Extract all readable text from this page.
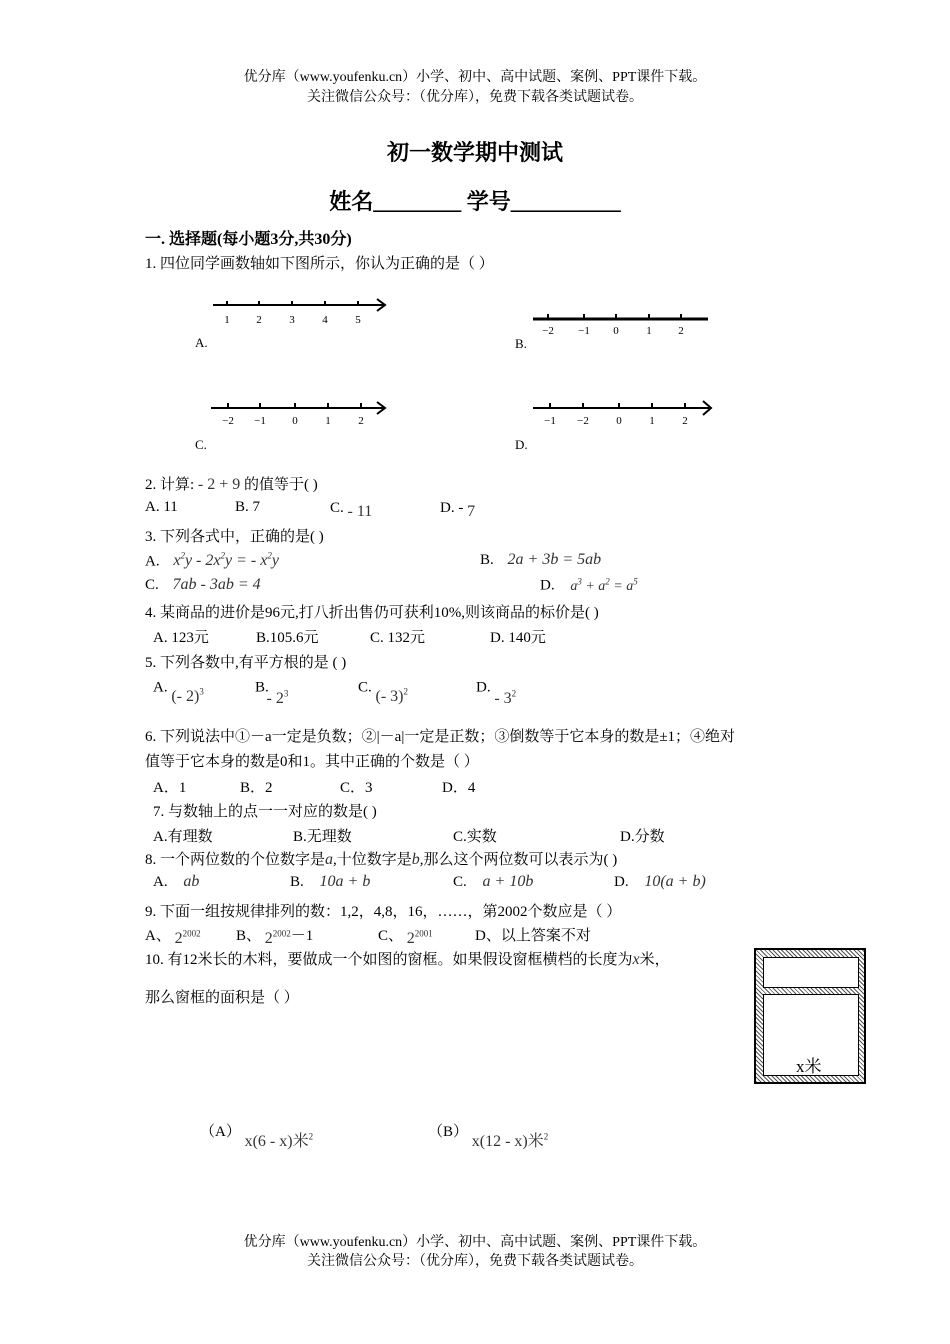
优分库（www.youfenku.cn）小学、初中、高中试题、案例、PPT课件下载。
关注微信公众号：（优分库），免费下载各类试题试卷。
初一数学期中测试
姓名________ 学号__________
一. 选择题(每小题3分,共30分)
1. 四位同学画数轴如下图所示，你认为正确的是（ ）
1 2	3	4	5
A.
−2 −1 0	1 2
B.
−2 −1 0	1	2
C.
−1 −2 0	1	2
D.
2. 计算: - 2 + 9 的值等于( )
A. 11	B. 7	C. - 11	D. - 7
3. 下列各式中，正确的是( )
A. $x^2y - 2x^2y$ = - $x^2y$	B. 2a + 3b = 5ab
C. 7ab - 3ab = 4	D. $a^3 + a^2 = a^5$
4. 某商品的进价是96元,打八折出售仍可获利10%,则该商品的标价是( )
A. 123元	B.105.6元	C. 132元	D. 140元
5. 下列各数中,有平方根的是 ( )
A. (- 2)$^3$	B. - $2^3$	C. (- 3)$^2$	D. - $3^2$
6. 下列说法中①－a一定是负数；②|－a|一定是正数；③倒数等于它本身的数是±1；④绝对
值等于它本身的数是0和1。其中正确的个数是（ ）
A．1	B．2	C．3	D．4
7. 与数轴上的点一一对应的数是( )
A.有理数	B.无理数	C.实数	D.分数
8. 一个两位数的个位数字是a,十位数字是b,那么这个两位数可以表示为( )
A. ab	B. 10a + b	C. a + 10b	D. 10(a + b)
9. 下面一组按规律排列的数：1,2，4,8，16，……，第2002个数应是（ ）
A、 $2^{2002}$ B、 $2^{2002}-1$	C、 $2^{2001}$	D、以上答案不对
10. 有12米长的木料，要做成一个如图的窗框。如果假设窗框横档的长度为x米，
那么窗框的面积是（ ）
x米
（A） x(6 - x)米$^2$	（B） x(12 - x)米$^2$
优分库（www.youfenku.cn）小学、初中、高中试题、案例、PPT课件下载。
关注微信公众号：（优分库），免费下载各类试题试卷。
